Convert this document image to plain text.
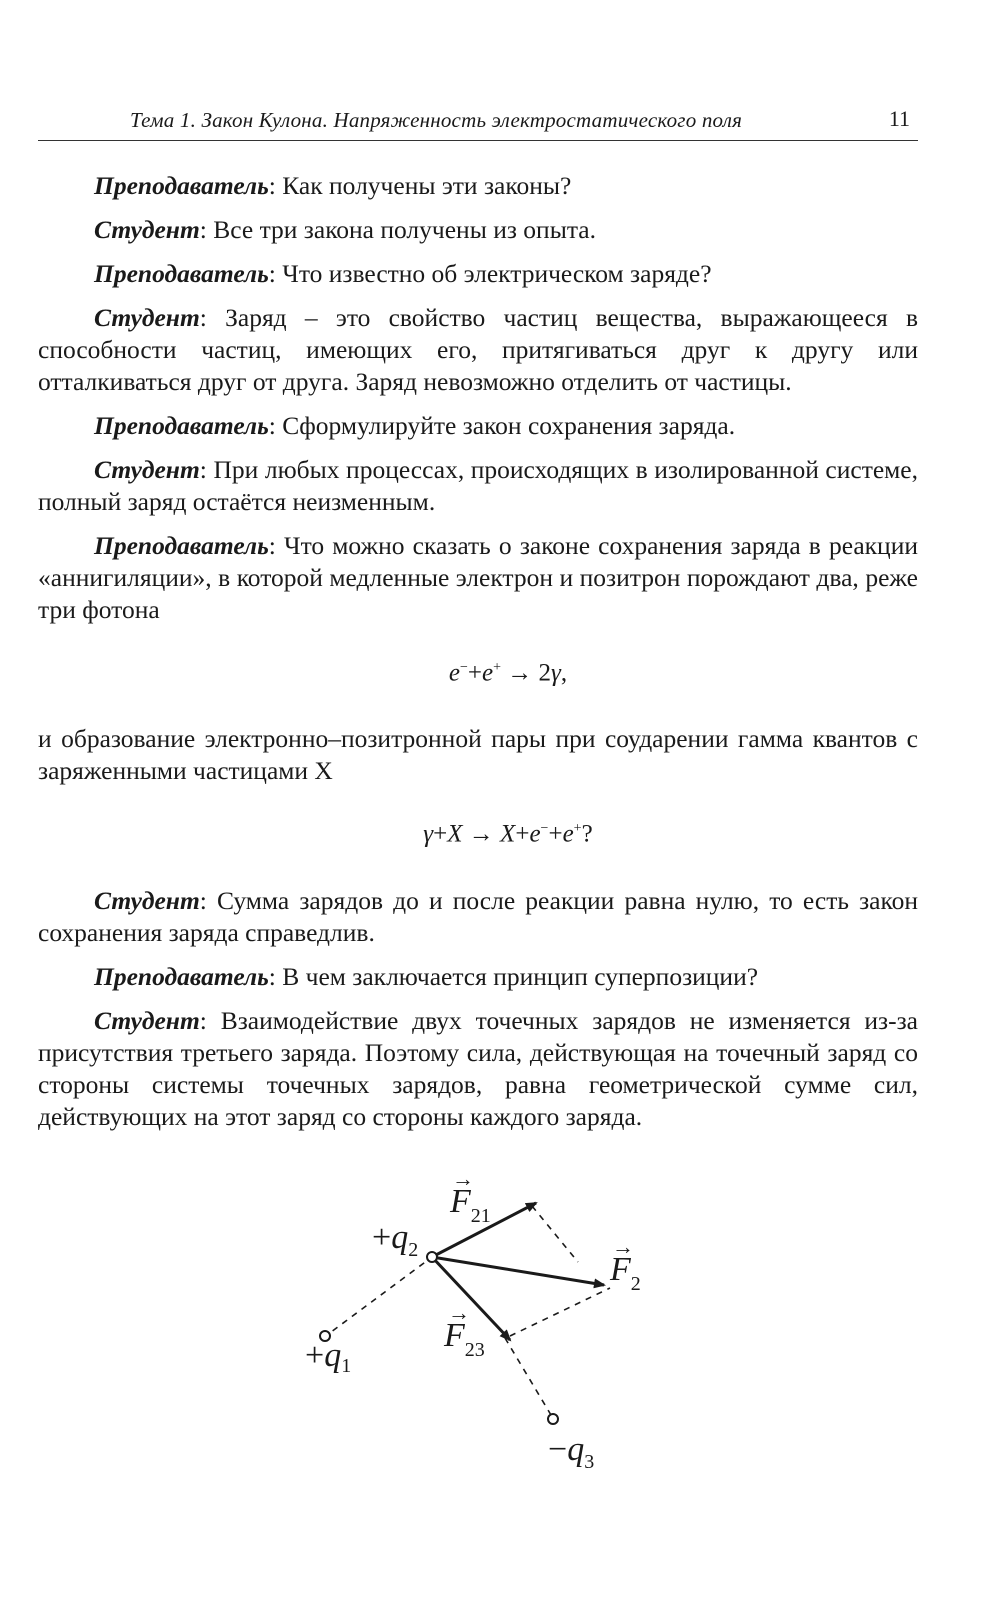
Тема 1. Закон Кулона. Напряженность электростатического поля	11

Преподаватель: Как получены эти законы?

Студент: Все три закона получены из опыта.

Преподаватель: Что известно об электрическом заряде?

Студент: Заряд – это свойство частиц вещества, выражающееся в способности частиц, имеющих его, притягиваться друг к другу или отталкиваться друг от друга. Заряд невозможно отделить от частицы.

Преподаватель: Сформулируйте закон сохранения заряда.

Студент: При любых процессах, происходящих в изолированной системе, полный заряд остаётся неизменным.

Преподаватель: Что можно сказать о законе сохранения заряда в реакции «аннигиляции», в которой медленные электрон и позитрон порождают два, реже три фотона

e−+e+ → 2γ,

и образование электронно–позитронной пары при соударении гамма квантов с заряженными частицами X

γ+X → X+e−+e+?

Студент: Сумма зарядов до и после реакции равна нулю, то есть закон сохранения заряда справедлив.

Преподаватель: В чем заключается принцип суперпозиции?

Студент: Взаимодействие двух точечных зарядов не изменяется из-за присутствия третьего заряда. Поэтому сила, действующая на точечный заряд со стороны системы точечных зарядов, равна геометрической сумме сил, действующих на этот заряд со стороны каждого заряда.

$+q_2$
+q1
$-q_3$
→
$F_{21}$
→
$F_2$
→
$F_{23}$
